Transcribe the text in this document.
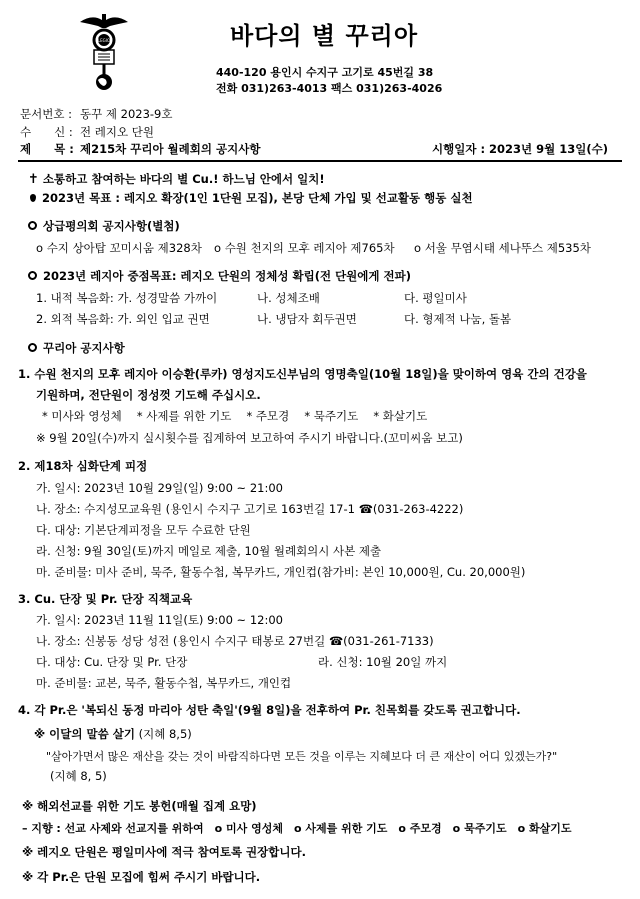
LEGIO	바다의 별 꾸리아
440-120 용인시 수지구 고기로 45번길 38
전화 031)263-4013 팩스 031)263-4026
문서번호 : 동꾸 제 2023-9호
수　　신 : 전 레지오 단원
제　　목 : 제215차 꾸리아 월례회의 공지사항	시행일자 : 2023년 9월 13일(수)
✝ 소통하고 참여하는 바다의 별 Cu.! 하느님 안에서 일치!
2023년 목표 : 레지오 확장(1인 1단원 모집), 본당 단체 가입 및 선교활동 행동 실천
상급평의회 공지사항(별첨)
o 수지 상아탑 꼬미시움 제328차 o 수원 천지의 모후 레지아 제765차 o 서울 무염시태 세나뚜스 제535차
2023년 레지아 중점목표: 레지오 단원의 정체성 확립(전 단원에게 전파)
1. 내적 복음화: 가. 성경말씀 가까이	나. 성체조배	다. 평일미사
2. 외적 복음화: 가. 외인 입교 권면	나. 냉담자 회두권면	다. 형제적 나눔, 돌봄
꾸리아 공지사항
1. 수원 천지의 모후 레지아 이승환(루카) 영성지도신부님의 영명축일(10월 18일)을 맞이하여 영육 간의 건강을
기원하며, 전단원이 정성껏 기도해 주십시오.
* 미사와 영성체　 * 사제를 위한 기도　 * 주모경　 * 묵주기도　 * 화살기도
※ 9월 20일(수)까지 실시횟수를 집계하여 보고하여 주시기 바랍니다.(꼬미씨움 보고)
2. 제18차 심화단계 피정
가. 일시: 2023년 10월 29일(일) 9:00 ~ 21:00
나. 장소: 수지성모교육원 (용인시 수지구 고기로 163번길 17-1 ☎(031-263-4222)
다. 대상: 기본단계피정을 모두 수료한 단원
라. 신청: 9월 30일(토)까지 메일로 제출, 10월 월례회의시 사본 제출
마. 준비물: 미사 준비, 묵주, 활동수첩, 복무카드, 개인컵(참가비: 본인 10,000원, Cu. 20,000원)
3. Cu. 단장 및 Pr. 단장 직책교육
가. 일시: 2023년 11월 11일(토) 9:00 ~ 12:00
나. 장소: 신봉동 성당 성전 (용인시 수지구 태봉로 27번길 ☎(031-261-7133)
다. 대상: Cu. 단장 및 Pr. 단장	라. 신청: 10월 20일 까지
마. 준비물: 교본, 묵주, 활동수첩, 복무카드, 개인컵
4. 각 Pr.은 '복되신 동정 마리아 성탄 축일'(9월 8일)을 전후하여 Pr. 친목회를 갖도록 권고합니다.
※ 이달의 말씀 살기 (지혜 8,5)
"살아가면서 많은 재산을 갖는 것이 바람직하다면 모든 것을 이루는 지혜보다 더 큰 재산이 어디 있겠는가?"
(지혜 8, 5)
※ 해외선교를 위한 기도 봉헌(매월 집계 요망)
– 지향 : 선교 사제와 선교지를 위하여　o 미사 영성체　o 사제를 위한 기도　o 주모경　o 묵주기도　o 화살기도
※ 레지오 단원은 평일미사에 적극 참여토록 권장합니다.
※ 각 Pr.은 단원 모집에 힘써 주시기 바랍니다.
